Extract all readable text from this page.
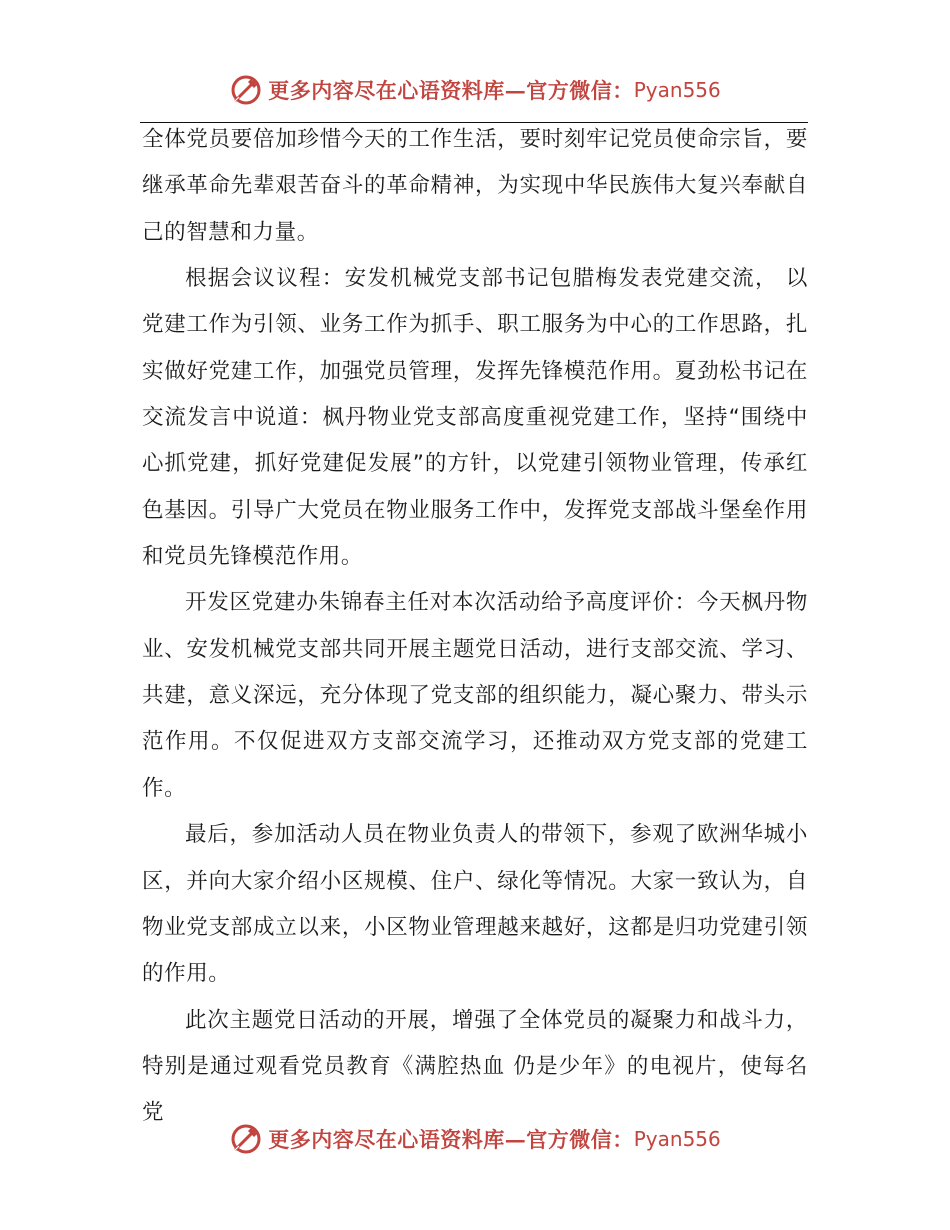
更多内容尽在心语资料库—官方微信： Pyan556

全体党员要倍加珍惜今天的工作生活，要时刻牢记党员使命宗旨，要继承革命先辈艰苦奋斗的革命精神，为实现中华民族伟大复兴奉献自己的智慧和力量。

根据会议议程：安发机械党支部书记包腊梅发表党建交流， 以党建工作为引领、业务工作为抓手、职工服务为中心的工作思路，扎实做好党建工作，加强党员管理，发挥先锋模范作用。夏劲松书记在交流发言中说道：枫丹物业党支部高度重视党建工作，坚持“围绕中心抓党建，抓好党建促发展”的方针，以党建引领物业管理，传承红色基因。引导广大党员在物业服务工作中，发挥党支部战斗堡垒作用和党员先锋模范作用。

开发区党建办朱锦春主任对本次活动给予高度评价：今天枫丹物业、安发机械党支部共同开展主题党日活动，进行支部交流、学习、共建，意义深远，充分体现了党支部的组织能力，凝心聚力、带头示范作用。不仅促进双方支部交流学习，还推动双方党支部的党建工作。

最后，参加活动人员在物业负责人的带领下，参观了欧洲华城小区，并向大家介绍小区规模、住户、绿化等情况。大家一致认为，自物业党支部成立以来，小区物业管理越来越好，这都是归功党建引领的作用。

此次主题党日活动的开展，增强了全体党员的凝聚力和战斗力，特别是通过观看党员教育《满腔热血 仍是少年》的电视片，使每名党

更多内容尽在心语资料库—官方微信： Pyan556
